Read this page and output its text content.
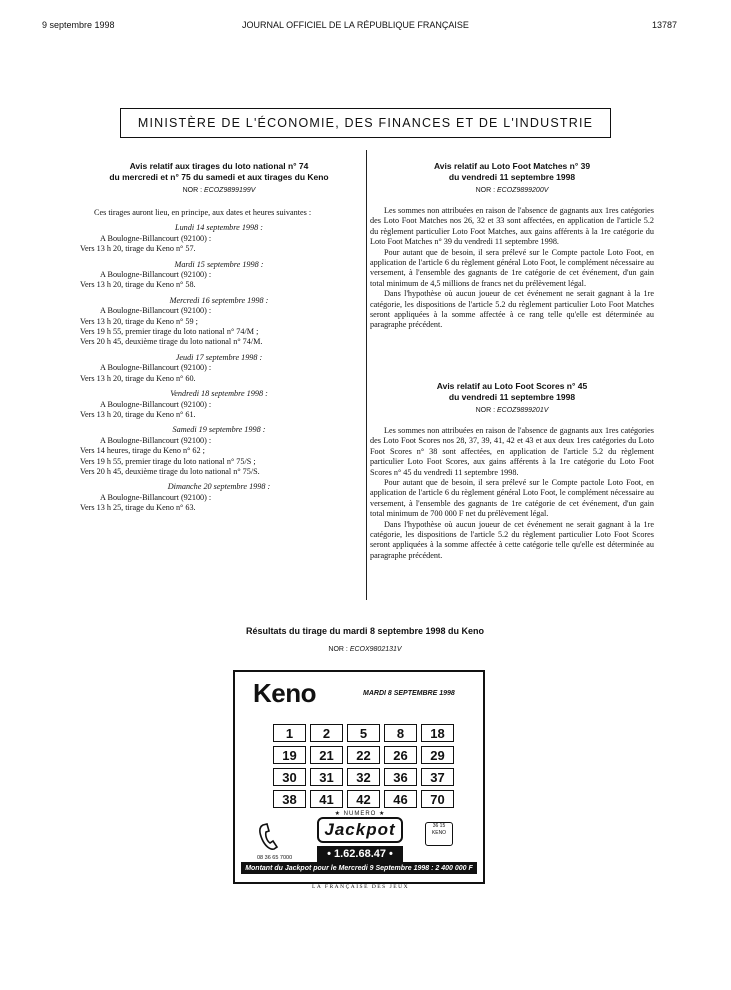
9 septembre 1998	JOURNAL OFFICIEL DE LA RÉPUBLIQUE FRANÇAISE	13787
MINISTÈRE DE L'ÉCONOMIE, DES FINANCES ET DE L'INDUSTRIE
Avis relatif aux tirages du loto national n° 74
du mercredi et n° 75 du samedi et aux tirages du Keno
NOR : ECOZ9899199V

Ces tirages auront lieu, en principe, aux dates et heures suivantes :

Lundi 14 septembre 1998 :
A Boulogne-Billancourt (92100) :
Vers 13 h 20, tirage du Keno n° 57.
Mardi 15 septembre 1998 :
A Boulogne-Billancourt (92100) :
Vers 13 h 20, tirage du Keno n° 58.
Mercredi 16 septembre 1998 :
A Boulogne-Billancourt (92100) :
Vers 13 h 20, tirage du Keno n° 59 ;
Vers 19 h 55, premier tirage du loto national n° 74/M ;
Vers 20 h 45, deuxième tirage du loto national n° 74/M.
Jeudi 17 septembre 1998 :
A Boulogne-Billancourt (92100) :
Vers 13 h 20, tirage du Keno n° 60.
Vendredi 18 septembre 1998 :
A Boulogne-Billancourt (92100) :
Vers 13 h 20, tirage du Keno n° 61.
Samedi 19 septembre 1998 :
A Boulogne-Billancourt (92100) :
Vers 14 heures, tirage du Keno n° 62 ;
Vers 19 h 55, premier tirage du loto national n° 75/S ;
Vers 20 h 45, deuxième tirage du loto national n° 75/S.
Dimanche 20 septembre 1998 :
A Boulogne-Billancourt (92100) :
Vers 13 h 25, tirage du Keno n° 63.
Avis relatif au Loto Foot Matches n° 39
du vendredi 11 septembre 1998
NOR : ECOZ9899200V

Les sommes non attribuées en raison de l'absence de gagnants aux 1res catégories des Loto Foot Matches nos 26, 32 et 33 sont affectées, en application de l'article 5.2 du règlement particulier Loto Foot Matches, aux gains afférents à la 1re catégorie du Loto Foot Matches n° 39 du vendredi 11 septembre 1998.

Pour autant que de besoin, il sera prélevé sur le Compte pactole Loto Foot, en application de l'article 6 du règlement général Loto Foot, le complément nécessaire au versement, à l'ensemble des gagnants de 1re catégorie de cet événement, d'un gain total minimum de 4,5 millions de francs net du prélèvement légal.

Dans l'hypothèse où aucun joueur de cet événement ne serait gagnant à la 1re catégorie, les dispositions de l'article 5.2 du règlement particulier Loto Foot Matches seront appliquées à la somme affectée à ce rang telle qu'elle est déterminée au paragraphe précédent.

Avis relatif au Loto Foot Scores n° 45
du vendredi 11 septembre 1998
NOR : ECOZ9899201V

Les sommes non attribuées en raison de l'absence de gagnants aux 1res catégories des Loto Foot Scores nos 28, 37, 39, 41, 42 et 43 et aux deux 1res catégories du Loto Foot Scores n° 38 sont affectées, en application de l'article 5.2 du règlement particulier Loto Foot Scores, aux gains afférents à la 1re catégorie du Loto Foot Scores n° 45 du vendredi 11 septembre 1998.

Pour autant que de besoin, il sera prélevé sur le Compte pactole Loto Foot, en application de l'article 6 du règlement général Loto Foot, le complément nécessaire au versement, à l'ensemble des gagnants de 1re catégorie de cet événement, d'un gain total minimum de 700 000 F net du prélèvement légal.

Dans l'hypothèse où aucun joueur de cet événement ne serait gagnant à la 1re catégorie, les dispositions de l'article 5.2 du règlement particulier Loto Foot Scores seront appliquées à la somme affectée à cette catégorie telle qu'elle est déterminée au paragraphe précédent.

Résultats du tirage du mardi 8 septembre 1998 du Keno
NOR : ECOX9802131V
Keno	MARDI 8 SEPTEMBRE 1998
1	2	5	8	18
19	21	22	26	29
30	31	32	36	37
38	41	42	46	70
08 36 65 7000
★ NUMERO ★
Jackpot
• 1.62.68.47 •
36 15 KENO
Montant du Jackpot pour le Mercredi 9 Septembre 1998 : 2 400 000 F
LA FRANÇAISE DES JEUX
